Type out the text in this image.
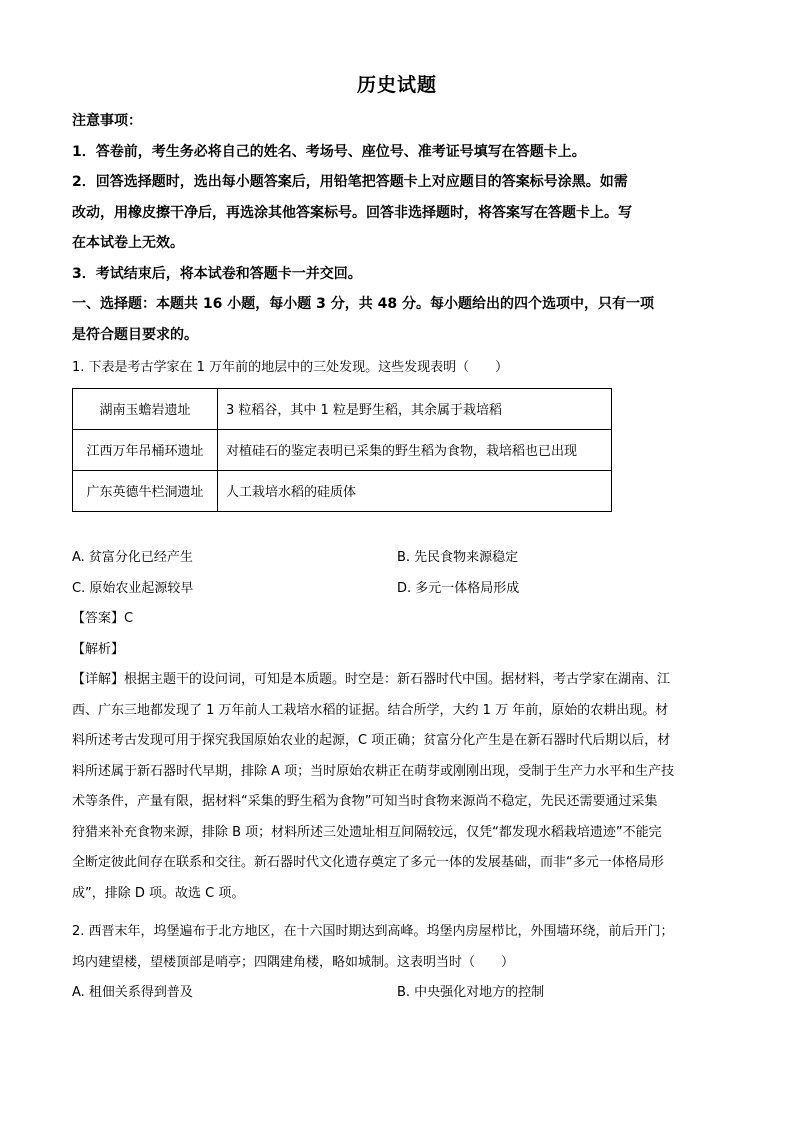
历史试题

注意事项：

1．答卷前，考生务必将自己的姓名、考场号、座位号、准考证号填写在答题卡上。

2．回答选择题时，选出每小题答案后，用铅笔把答题卡上对应题目的答案标号涂黑。如需

改动，用橡皮擦干净后，再选涂其他答案标号。回答非选择题时，将答案写在答题卡上。写

在本试卷上无效。

3．考试结束后，将本试卷和答题卡一并交回。

一、选择题：本题共 16 小题，每小题 3 分，共 48 分。每小题给出的四个选项中，只有一项

是符合题目要求的。

1. 下表是考古学家在 1 万年前的地层中的三处发现。这些发现表明（　　）

湖南玉蟾岩遗址	3 粒稻谷，其中 1 粒是野生稻，其余属于栽培稻
江西万年吊桶环遗址	对植硅石的鉴定表明已采集的野生稻为食物，栽培稻也已出现
广东英德牛栏洞遗址	人工栽培水稻的硅质体
A. 贫富分化已经产生	B. 先民食物来源稳定
C. 原始农业起源较早	D. 多元一体格局形成

【答案】C

【解析】

【详解】根据主题干的设问词，可知是本质题。时空是：新石器时代中国。据材料，考古学家在湖南、江

西、广东三地都发现了 1 万年前人工栽培水稻的证据。结合所学，大约 1 万 年前，原始的农耕出现。材

料所述考古发现可用于探究我国原始农业的起源，C 项正确；贫富分化产生是在新石器时代后期以后，材

料所述属于新石器时代早期，排除 A 项；当时原始农耕正在萌芽或刚刚出现，受制于生产力水平和生产技

术等条件，产量有限，据材料“采集的野生稻为食物”可知当时食物来源尚不稳定，先民还需要通过采集

狩猎来补充食物来源，排除 B 项；材料所述三处遗址相互间隔较远，仅凭“都发现水稻栽培遗迹”不能完

全断定彼此间存在联系和交往。新石器时代文化遗存奠定了多元一体的发展基础，而非“多元一体格局形

成”，排除 D 项。故选 C 项。

2. 西晋末年，坞堡遍布于北方地区，在十六国时期达到高峰。坞堡内房屋栉比，外围墙环绕，前后开门；

坞内建望楼，望楼顶部是哨亭；四隅建角楼，略如城制。这表明当时（　　）

A. 租佃关系得到普及	B. 中央强化对地方的控制
